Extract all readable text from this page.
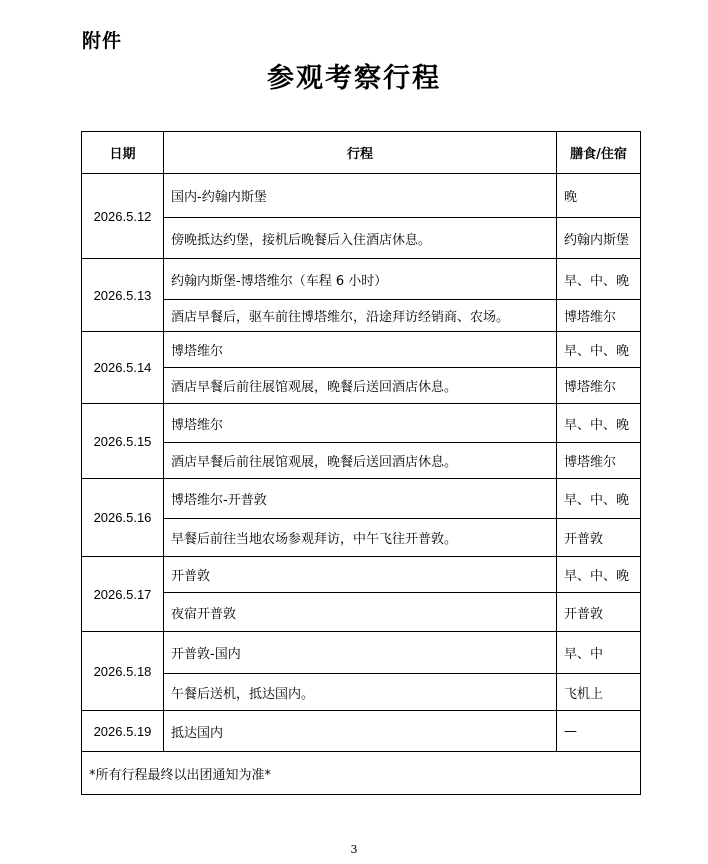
附件
参观考察行程
日期	行程	膳食/住宿
2026.5.12	国内-约翰内斯堡	晚
	傍晚抵达约堡，接机后晚餐后入住酒店休息。	约翰内斯堡
2026.5.13	约翰内斯堡-博塔维尔（车程 6 小时）	早、中、晚
	酒店早餐后，驱车前往博塔维尔，沿途拜访经销商、农场。	博塔维尔
2026.5.14	博塔维尔	早、中、晚
	酒店早餐后前往展馆观展，晚餐后送回酒店休息。	博塔维尔
2026.5.15	博塔维尔	早、中、晚
	酒店早餐后前往展馆观展，晚餐后送回酒店休息。	博塔维尔
2026.5.16	博塔维尔-开普敦	早、中、晚
	早餐后前往当地农场参观拜访，中午飞往开普敦。	开普敦
2026.5.17	开普敦	早、中、晚
	夜宿开普敦	开普敦
2026.5.18	开普敦-国内	早、中
	午餐后送机，抵达国内。	飞机上
2026.5.19	抵达国内	—
*所有行程最终以出团通知为准*		
3
